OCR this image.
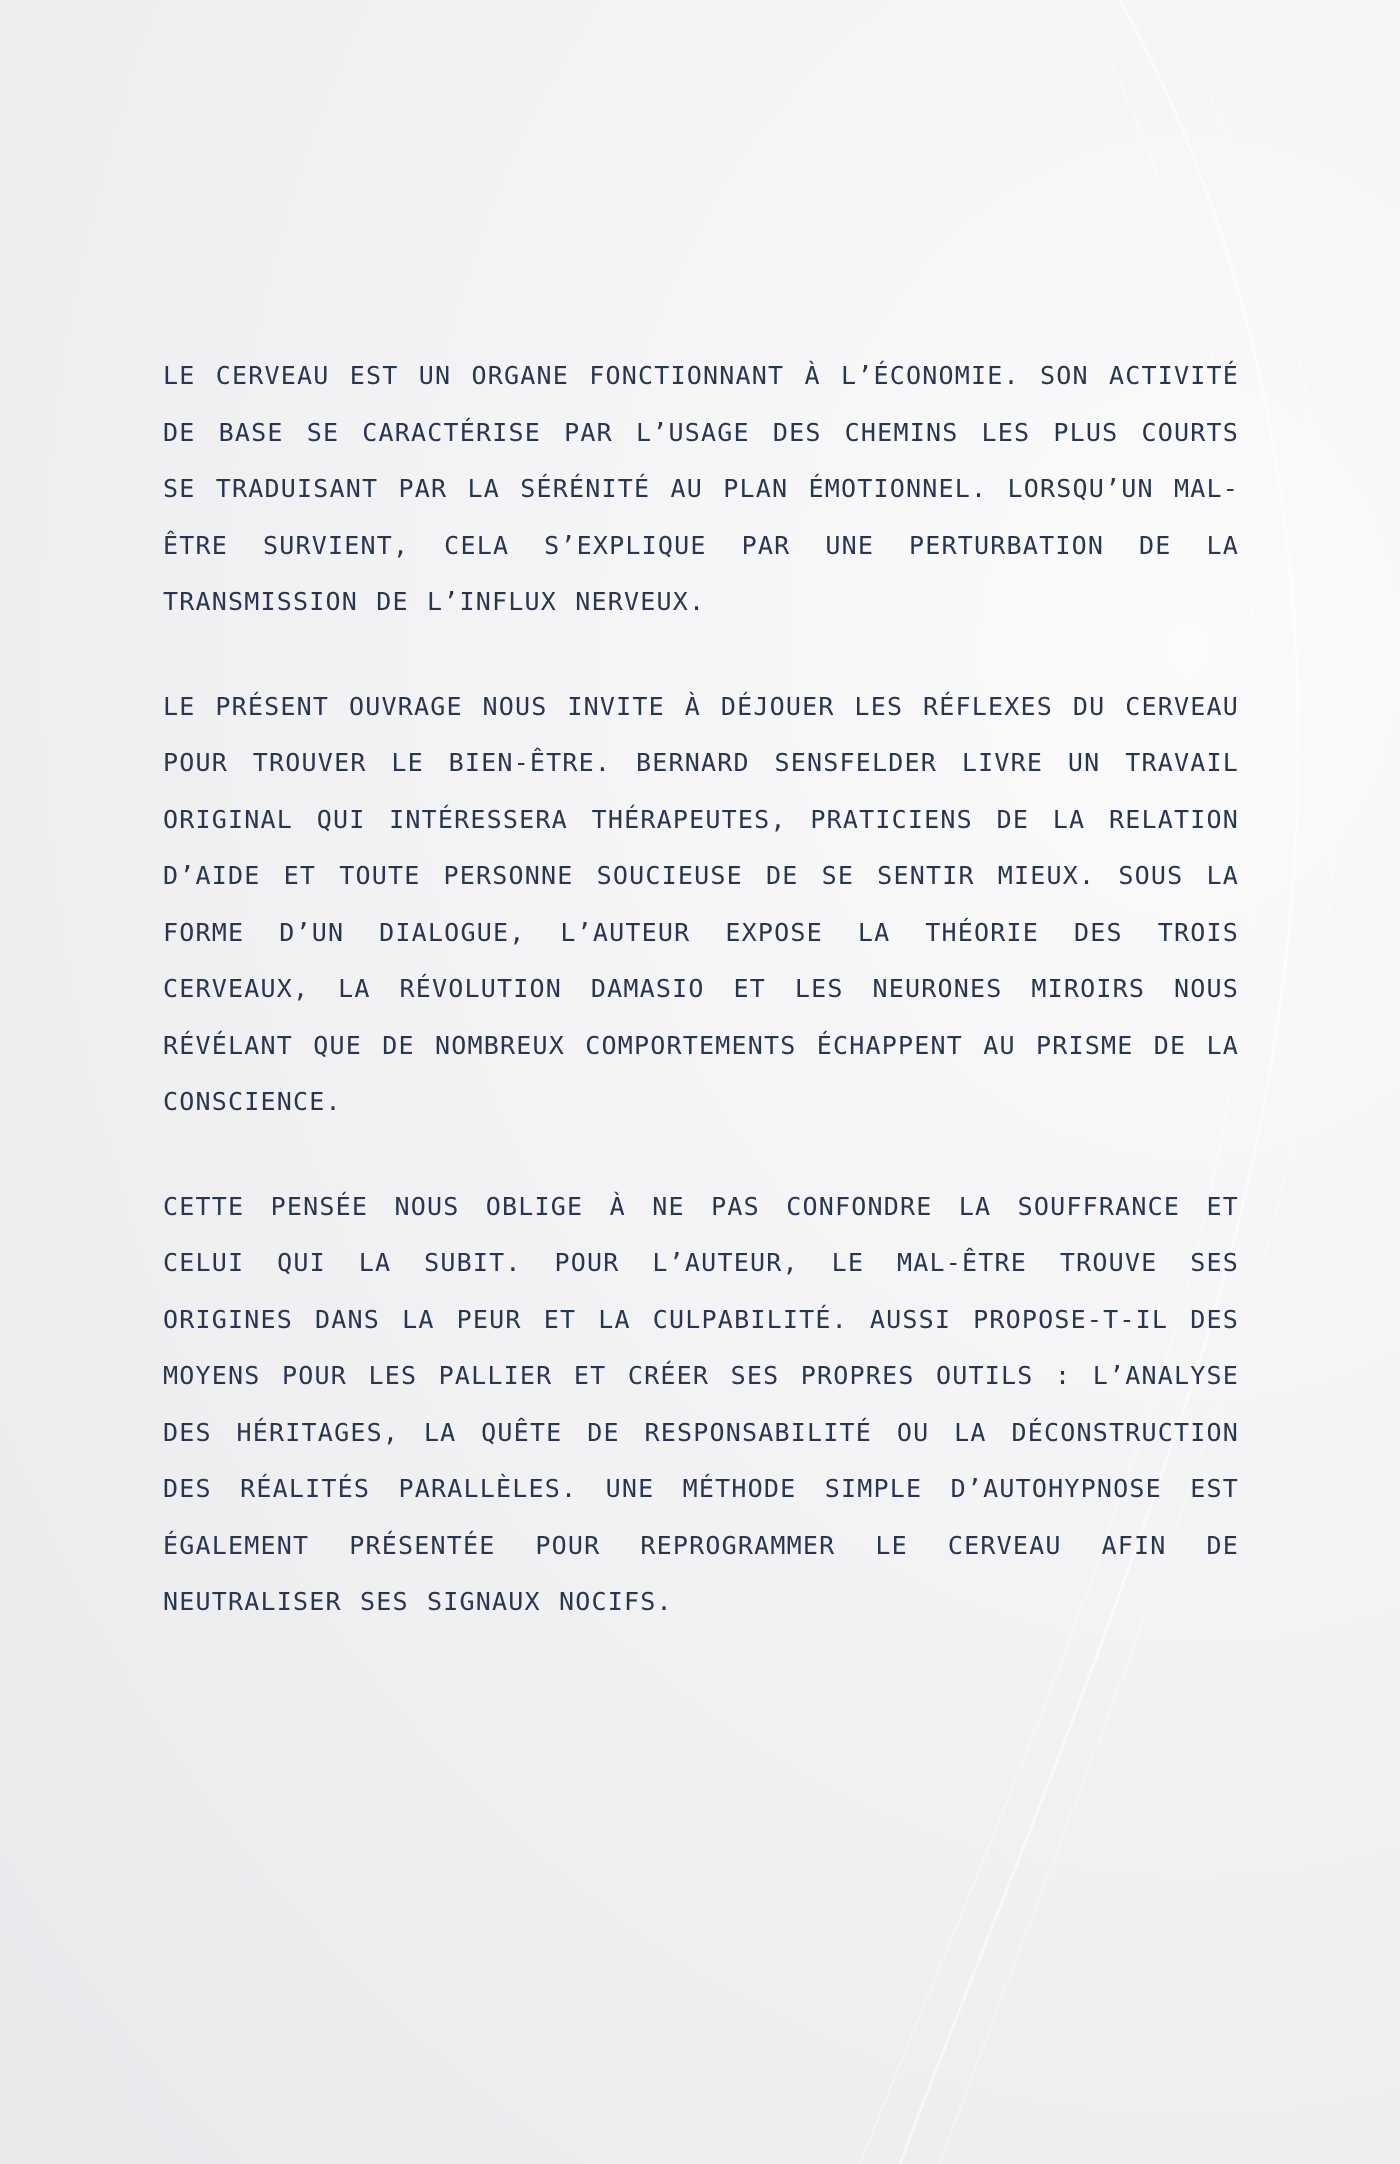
LE CERVEAU EST UN ORGANE FONCTIONNANT À L’ÉCONOMIE. SON ACTIVITÉ DE BASE SE CARACTÉRISE PAR L’USAGE DES CHEMINS LES PLUS COURTS SE TRADUISANT PAR LA SÉRÉNITÉ AU PLAN ÉMOTIONNEL. LORSQU’UN MAL-ÊTRE SURVIENT, CELA S’EXPLIQUE PAR UNE PERTURBATION DE LA TRANSMISSION DE L’INFLUX NERVEUX.

LE PRÉSENT OUVRAGE NOUS INVITE À DÉJOUER LES RÉFLEXES DU CERVEAU POUR TROUVER LE BIEN-ÊTRE. BERNARD SENSFELDER LIVRE UN TRAVAIL ORIGINAL QUI INTÉRESSERA THÉRAPEUTES, PRATICIENS DE LA RELATION D’AIDE ET TOUTE PERSONNE SOUCIEUSE DE SE SENTIR MIEUX. SOUS LA FORME D’UN DIALOGUE, L’AUTEUR EXPOSE LA THÉORIE DES TROIS CERVEAUX, LA RÉVOLUTION DAMASIO ET LES NEURONES MIROIRS NOUS RÉVÉLANT QUE DE NOMBREUX COMPORTEMENTS ÉCHAPPENT AU PRISME DE LA CONSCIENCE.

CETTE PENSÉE NOUS OBLIGE À NE PAS CONFONDRE LA SOUFFRANCE ET CELUI QUI LA SUBIT. POUR L’AUTEUR, LE MAL-ÊTRE TROUVE SES ORIGINES DANS LA PEUR ET LA CULPABILITÉ. AUSSI PROPOSE-T-IL DES MOYENS POUR LES PALLIER ET CRÉER SES PROPRES OUTILS : L’ANALYSE DES HÉRITAGES, LA QUÊTE DE RESPONSABILITÉ OU LA DÉCONSTRUCTION DES RÉALITÉS PARALLÈLES. UNE MÉTHODE SIMPLE D’AUTOHYPNOSE EST ÉGALEMENT PRÉSENTÉE POUR REPROGRAMMER LE CERVEAU AFIN DE NEUTRALISER SES SIGNAUX NOCIFS.
